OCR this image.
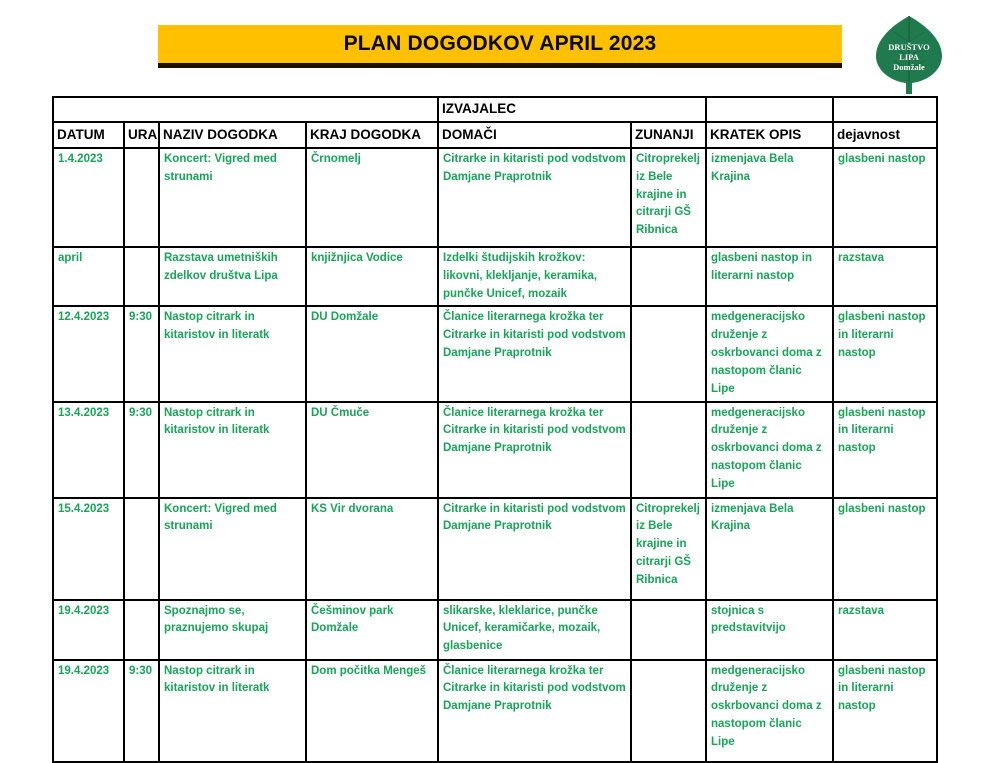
PLAN DOGODKOV APRIL 2023	DRUŠTVO
LIPA
Domžale
				IZVAJALEC			
DATUM	URA	NAZIV DOGODKA	KRAJ DOGODKA	DOMAČI	ZUNANJI	KRATEK OPIS	dejavnost
1.4.2023		Koncert: Vigred med strunami	Črnomelj	Citrarke in kitaristi pod vodstvom Damjane Praprotnik	Citroprekelj iz Bele krajine in citrarji GŠ Ribnica	izmenjava Bela Krajina	glasbeni nastop
april		Razstava umetniških zdelkov društva Lipa	knjižnjica Vodice	Izdelki študijskih krožkov: likovni, klekljanje, keramika, punčke Unicef, mozaik		glasbeni nastop in literarni nastop	razstava
12.4.2023	9:30	Nastop citrark in kitaristov in literatk	DU Domžale	Članice literarnega krožka ter Citrarke in kitaristi pod vodstvom Damjane Praprotnik		medgeneracijsko druženje z oskrbovanci doma z nastopom članic Lipe	glasbeni nastop in literarni nastop
13.4.2023	9:30	Nastop citrark in kitaristov in literatk	DU Čmuče	Članice literarnega krožka ter Citrarke in kitaristi pod vodstvom Damjane Praprotnik		medgeneracijsko druženje z oskrbovanci doma z nastopom članic Lipe	glasbeni nastop in literarni nastop
15.4.2023		Koncert: Vigred med strunami	KS Vir dvorana	Citrarke in kitaristi pod vodstvom Damjane Praprotnik	Citroprekelj iz Bele krajine in citrarji GŠ Ribnica	izmenjava Bela Krajina	glasbeni nastop
19.4.2023		Spoznajmo se, praznujemo skupaj	Češminov park Domžale	slikarske, kleklarice, punčke Unicef, keramičarke, mozaik, glasbenice		stojnica s predstavitvijo	razstava
19.4.2023	9:30	Nastop citrark in kitaristov in literatk	Dom počitka Mengeš	Članice literarnega krožka ter Citrarke in kitaristi pod vodstvom Damjane Praprotnik		medgeneracijsko druženje z oskrbovanci doma z nastopom članic Lipe	glasbeni nastop in literarni nastop
